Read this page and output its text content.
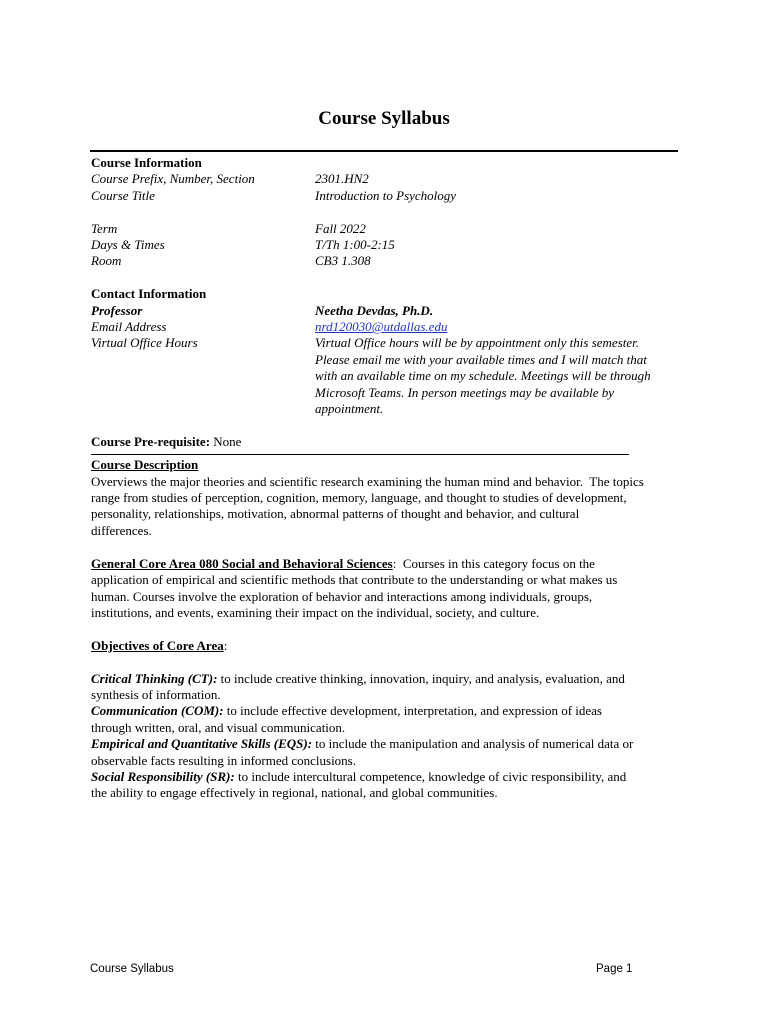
Course Syllabus
Course Information
Course Prefix, Number, Section	2301.HN2
Course Title	Introduction to Psychology
Term	Fall 2022
Days & Times	T/Th 1:00-2:15
Room	CB3 1.308
Contact Information
Professor	Neetha Devdas, Ph.D.
Email Address	nrd120030@utdallas.edu
Virtual Office Hours	Virtual Office hours will be by appointment only this semester.
Please email me with your available times and I will match that
with an available time on my schedule. Meetings will be through
Microsoft Teams. In person meetings may be available by
appointment.
Course Pre-requisite: None
Course Description
Overviews the major theories and scientific research examining the human mind and behavior.  The topics
range from studies of perception, cognition, memory, language, and thought to studies of development,
personality, relationships, motivation, abnormal patterns of thought and behavior, and cultural
differences.
General Core Area 080 Social and Behavioral Sciences:  Courses in this category focus on the
application of empirical and scientific methods that contribute to the understanding or what makes us
human. Courses involve the exploration of behavior and interactions among individuals, groups,
institutions, and events, examining their impact on the individual, society, and culture.
Objectives of Core Area:
Critical Thinking (CT): to include creative thinking, innovation, inquiry, and analysis, evaluation, and
synthesis of information.
Communication (COM): to include effective development, interpretation, and expression of ideas
through written, oral, and visual communication.
Empirical and Quantitative Skills (EQS): to include the manipulation and analysis of numerical data or
observable facts resulting in informed conclusions.
Social Responsibility (SR): to include intercultural competence, knowledge of civic responsibility, and
the ability to engage effectively in regional, national, and global communities.
Course Syllabus	Page 1
